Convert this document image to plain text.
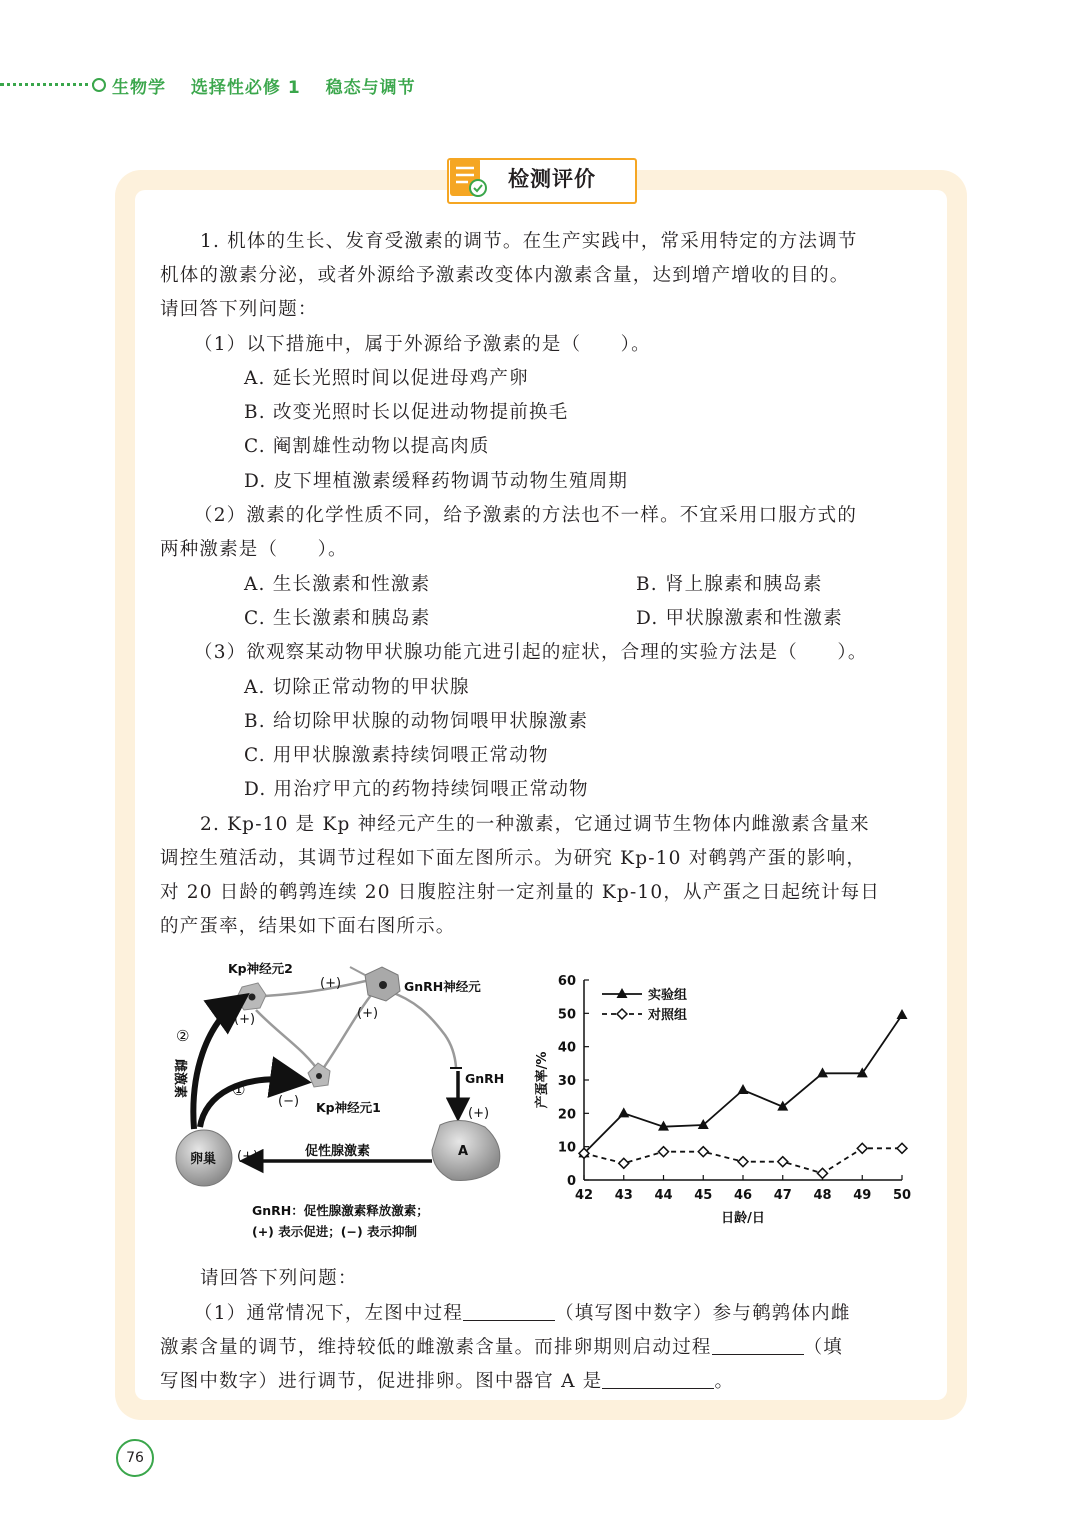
生物学 选择性必修 1 稳态与调节
检测评价
1. 机体的生长、发育受激素的调节。在生产实践中，常采用特定的方法调节
机体的激素分泌，或者外源给予激素改变体内激素含量，达到增产增收的目的。
请回答下列问题：
（1）以下措施中，属于外源给予激素的是（　　）。
A. 延长光照时间以促进母鸡产卵
B. 改变光照时长以促进动物提前换毛
C. 阉割雄性动物以提高肉质
D. 皮下埋植激素缓释药物调节动物生殖周期
（2）激素的化学性质不同，给予激素的方法也不一样。不宜采用口服方式的
两种激素是（　　）。
A. 生长激素和性激素	B. 肾上腺素和胰岛素
C. 生长激素和胰岛素	D. 甲状腺激素和性激素
（3）欲观察某动物甲状腺功能亢进引起的症状，合理的实验方法是（　　）。
A. 切除正常动物的甲状腺
B. 给切除甲状腺的动物饲喂甲状腺激素
C. 用甲状腺激素持续饲喂正常动物
D. 用治疗甲亢的药物持续饲喂正常动物
2. Kp-10 是 Kp 神经元产生的一种激素，它通过调节生物体内雌激素含量来
调控生殖活动，其调节过程如下面左图所示。为研究 Kp-10 对鹌鹑产蛋的影响，
对 20 日龄的鹌鹑连续 20 日腹腔注射一定剂量的 Kp-10，从产蛋之日起统计每日
的产蛋率，结果如下面右图所示。
Kp神经元2
(+)	GnRH神经元
(+)
(+)
(−) Kp神经元1
GnRH
(+)
A
卵巢 (+)	促性腺激素
②
①
雌激素
GnRH：促性腺激素释放激素；
(+) 表示促进；(−) 表示抑制
0
10
20
30
40
50
60
42 43 44 45 46 47 48 49 50
日龄/日
产蛋率/%
实验组
对照组
请回答下列问题：
（1）通常情况下，左图中过程	（填写图中数字）参与鹌鹑体内雌
激素含量的调节，维持较低的雌激素含量。而排卵期则启动过程	（填
写图中数字）进行调节，促进排卵。图中器官 A 是	。
76
